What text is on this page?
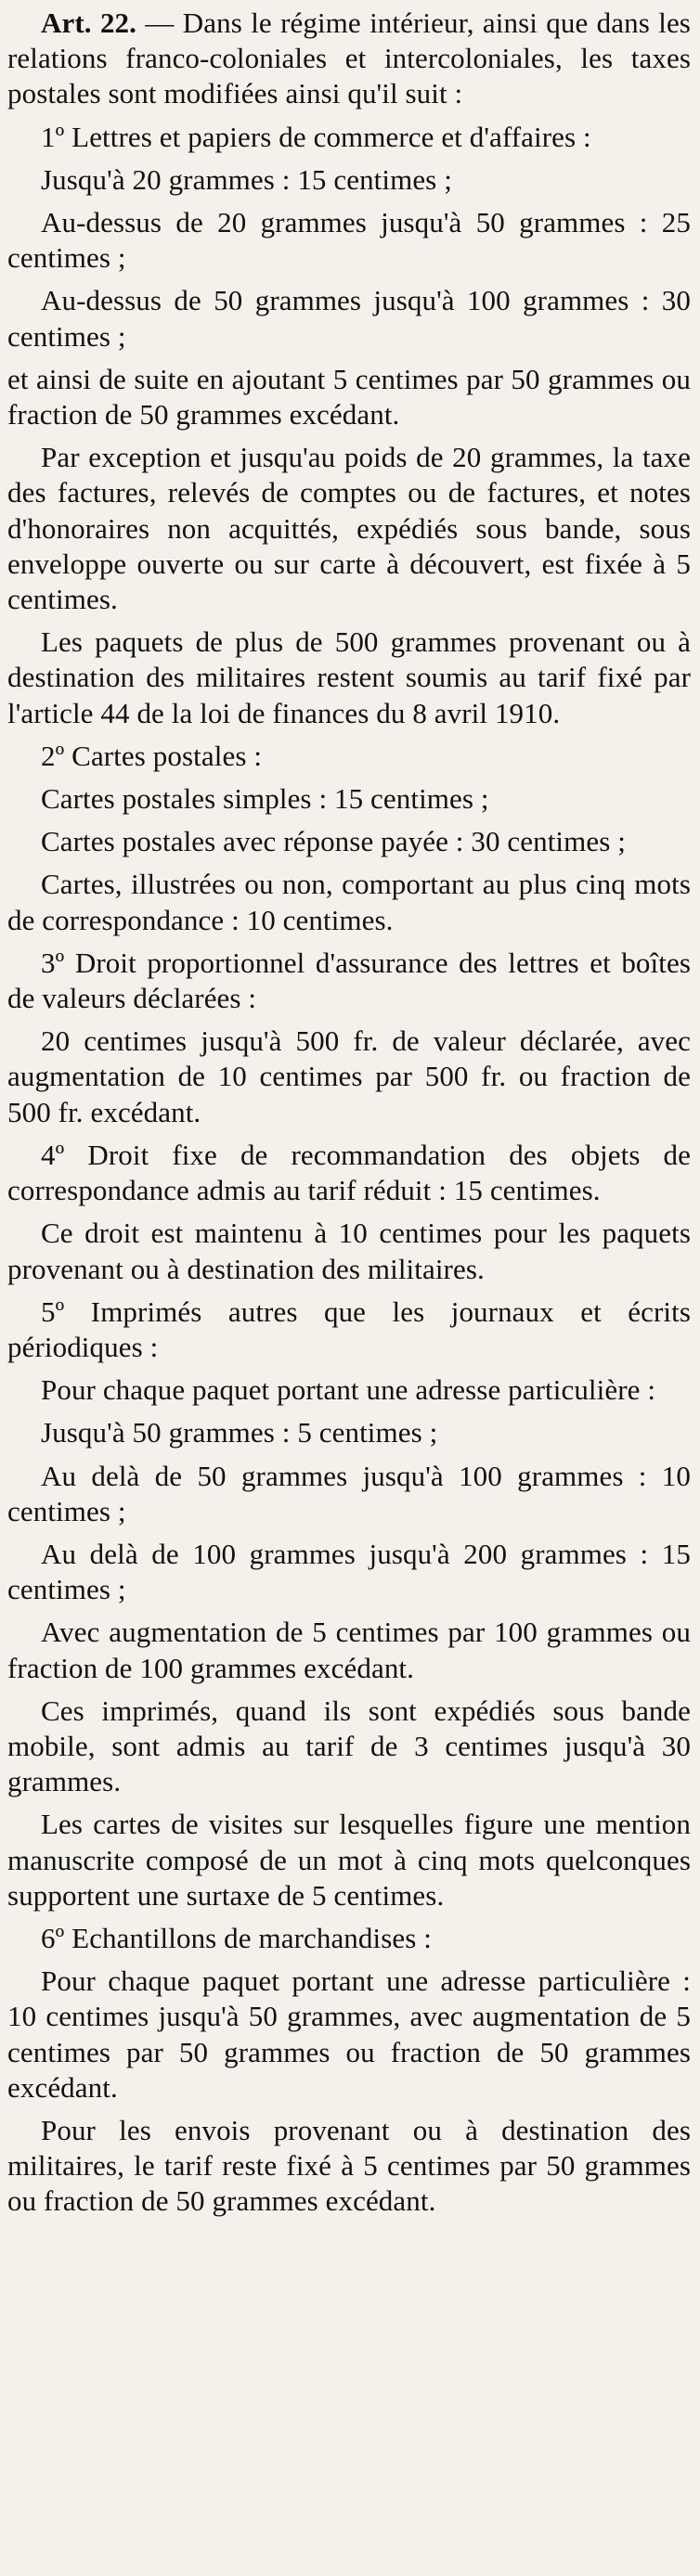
Art. 22. — Dans le régime intérieur, ainsi que dans les relations franco-coloniales et intercoloniales, les taxes postales sont modifiées ainsi qu'il suit :

1º Lettres et papiers de commerce et d'affaires :

Jusqu'à 20 grammes : 15 centimes ;

Au-dessus de 20 grammes jusqu'à 50 grammes : 25 centimes ;

Au-dessus de 50 grammes jusqu'à 100 grammes : 30 centimes ;

et ainsi de suite en ajoutant 5 centimes par 50 grammes ou fraction de 50 grammes excédant.

Par exception et jusqu'au poids de 20 grammes, la taxe des factures, relevés de comptes ou de factures, et notes d'honoraires non acquittés, expédiés sous bande, sous enveloppe ouverte ou sur carte à découvert, est fixée à 5 centimes.

Les paquets de plus de 500 grammes provenant ou à destination des militaires restent soumis au tarif fixé par l'article 44 de la loi de finances du 8 avril 1910.

2º Cartes postales :

Cartes postales simples : 15 centimes ;

Cartes postales avec réponse payée : 30 centimes ;

Cartes, illustrées ou non, comportant au plus cinq mots de correspondance : 10 centimes.

3º Droit proportionnel d'assurance des lettres et boîtes de valeurs déclarées :

20 centimes jusqu'à 500 fr. de valeur déclarée, avec augmentation de 10 centimes par 500 fr. ou fraction de 500 fr. excédant.

4º Droit fixe de recommandation des objets de correspondance admis au tarif réduit : 15 centimes.

Ce droit est maintenu à 10 centimes pour les paquets provenant ou à destination des militaires.

5º Imprimés autres que les journaux et écrits périodiques :

Pour chaque paquet portant une adresse particulière :

Jusqu'à 50 grammes : 5 centimes ;

Au delà de 50 grammes jusqu'à 100 grammes : 10 centimes ;

Au delà de 100 grammes jusqu'à 200 grammes : 15 centimes ;

Avec augmentation de 5 centimes par 100 grammes ou fraction de 100 grammes excédant.

Ces imprimés, quand ils sont expédiés sous bande mobile, sont admis au tarif de 3 centimes jusqu'à 30 grammes.

Les cartes de visites sur lesquelles figure une mention manuscrite composé de un mot à cinq mots quelconques supportent une surtaxe de 5 centimes.

6º Echantillons de marchandises :

Pour chaque paquet portant une adresse particulière : 10 centimes jusqu'à 50 grammes, avec augmentation de 5 centimes par 50 grammes ou fraction de 50 grammes excédant.

Pour les envois provenant ou à destination des militaires, le tarif reste fixé à 5 centimes par 50 grammes ou fraction de 50 grammes excédant.
